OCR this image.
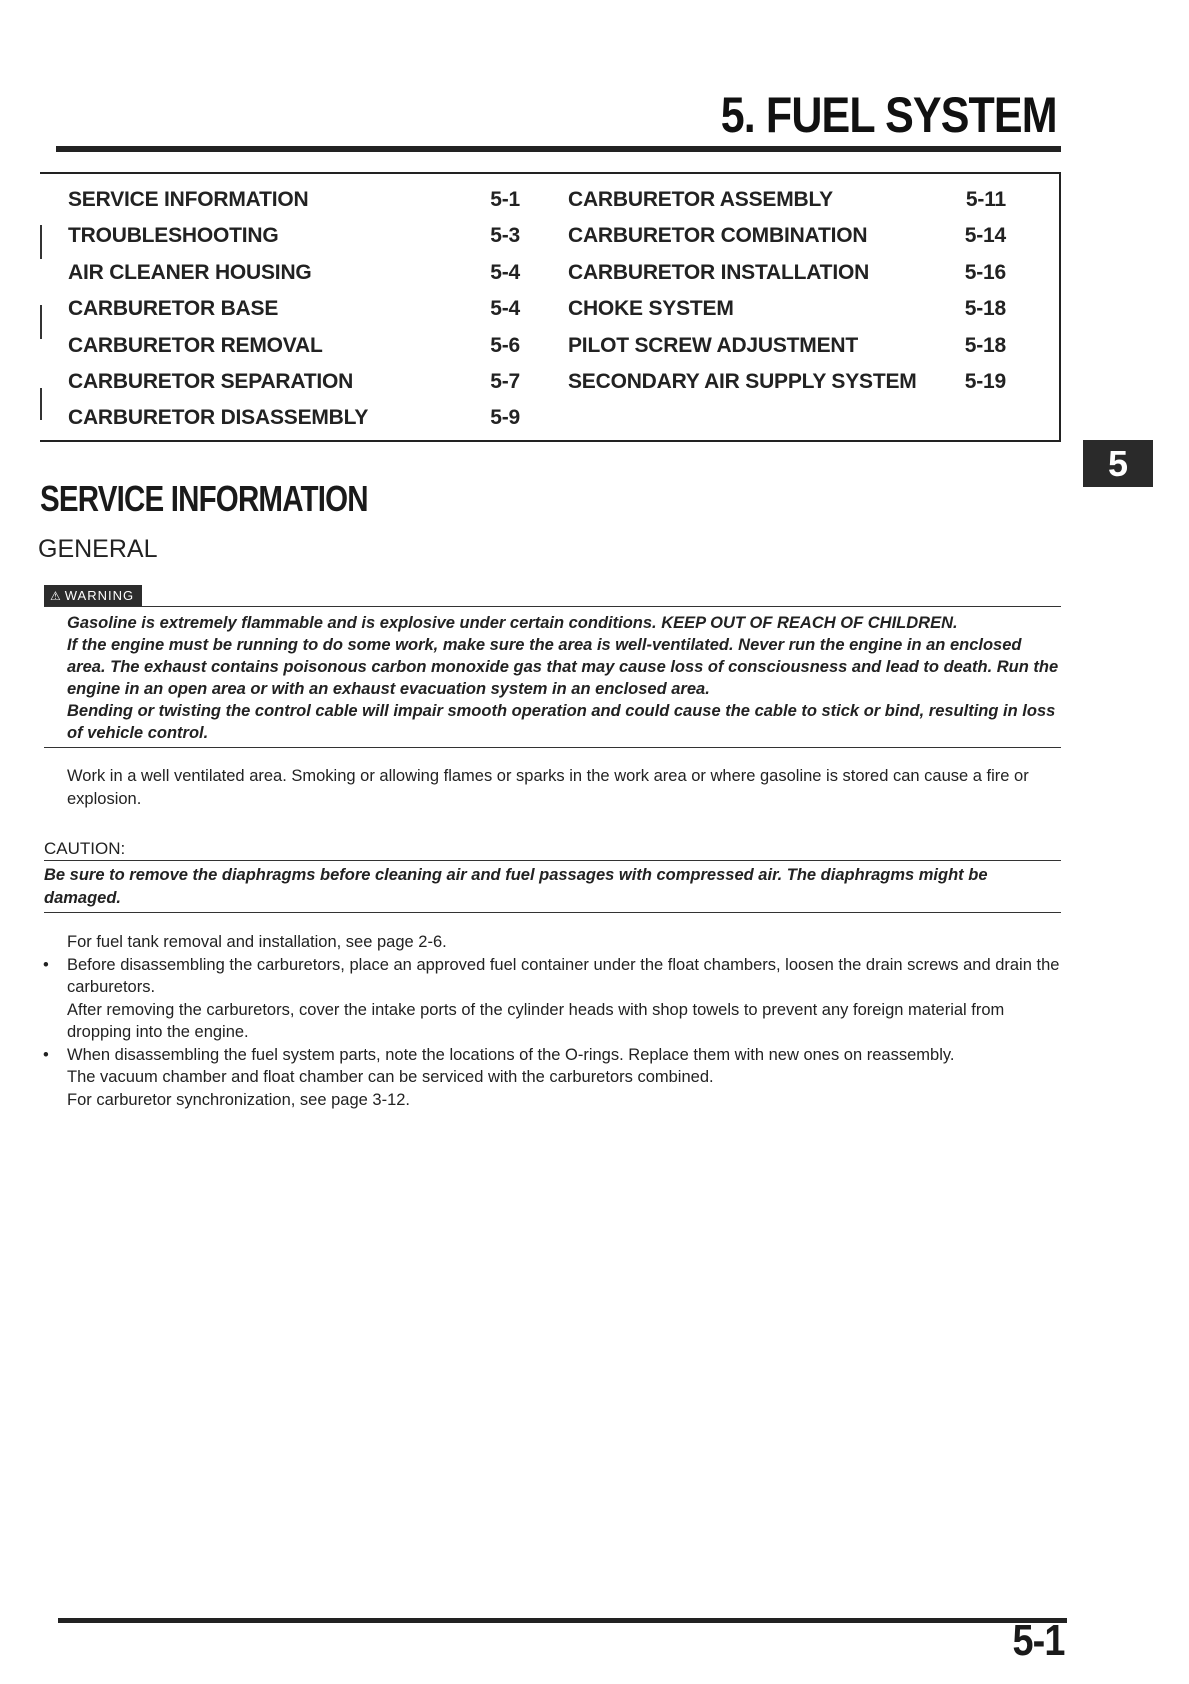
5. FUEL SYSTEM
SERVICE INFORMATION	5-1
TROUBLESHOOTING	5-3
AIR CLEANER HOUSING	5-4
CARBURETOR BASE	5-4
CARBURETOR REMOVAL	5-6
CARBURETOR SEPARATION	5-7
CARBURETOR DISASSEMBLY	5-9
CARBURETOR ASSEMBLY	5-11
CARBURETOR COMBINATION	5-14
CARBURETOR INSTALLATION	5-16
CHOKE SYSTEM	5-18
PILOT SCREW ADJUSTMENT	5-18
SECONDARY AIR SUPPLY SYSTEM 5-19
5
SERVICE INFORMATION
GENERAL
⚠ WARNING

Gasoline is extremely flammable and is explosive under certain conditions. KEEP OUT OF REACH OF CHILDREN.

If the engine must be running to do some work, make sure the area is well-ventilated. Never run the engine in an enclosed area. The exhaust contains poisonous carbon monoxide gas that may cause loss of consciousness and lead to death. Run the engine in an open area or with an exhaust evacuation system in an enclosed area.

Bending or twisting the control cable will impair smooth operation and could cause the cable to stick or bind, resulting in loss of vehicle control.

Work in a well ventilated area. Smoking or allowing flames or sparks in the work area or where gasoline is stored can cause a fire or explosion.
CAUTION:
Be sure to remove the diaphragms before cleaning air and fuel passages with compressed air. The diaphragms might be damaged.
For fuel tank removal and installation, see page 2-6.
• Before disassembling the carburetors, place an approved fuel container under the float chambers, loosen the drain screws and drain the carburetors.
After removing the carburetors, cover the intake ports of the cylinder heads with shop towels to prevent any foreign material from dropping into the engine.
• When disassembling the fuel system parts, note the locations of the O-rings. Replace them with new ones on reassembly.
The vacuum chamber and float chamber can be serviced with the carburetors combined.
For carburetor synchronization, see page 3-12.
5-1
